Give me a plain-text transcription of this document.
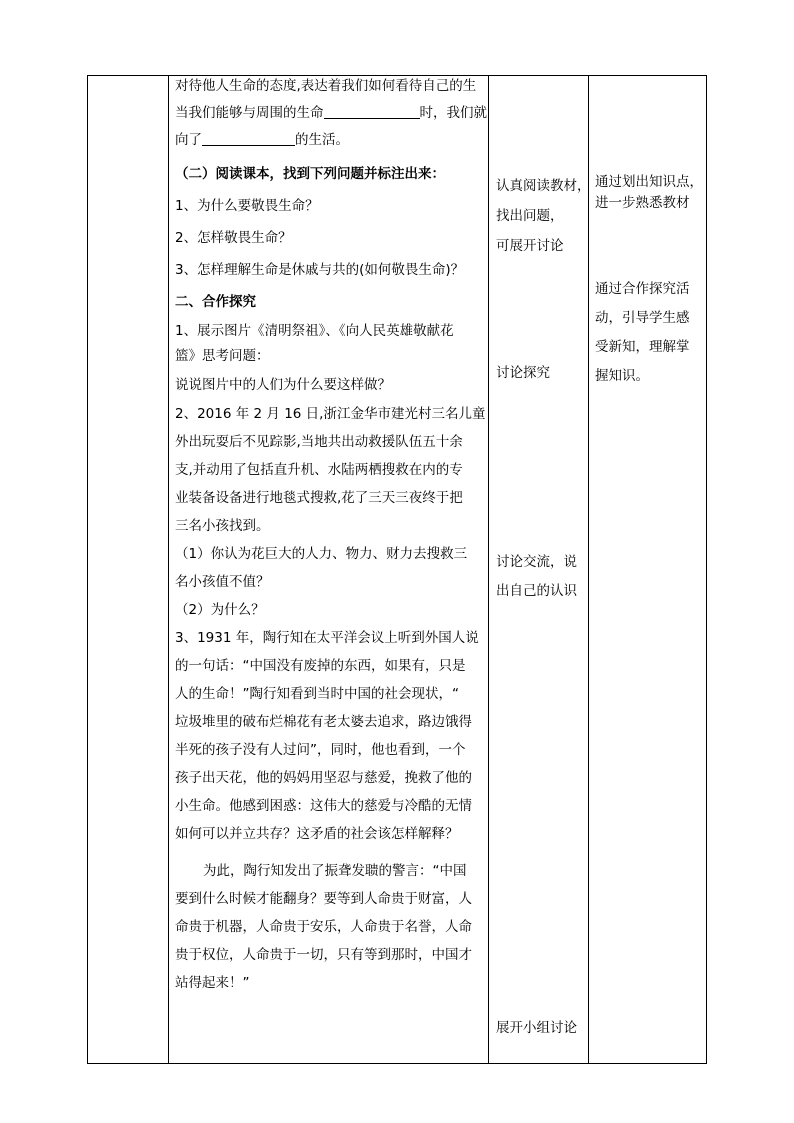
对待他人生命的态度,表达着我们如何看待自己的生
当我们能够与周围的生命	时，我们就
向了	的生活。
（二）阅读课本，找到下列问题并标注出来：
1、为什么要敬畏生命？
2、怎样敬畏生命？
3、怎样理解生命是休戚与共的(如何敬畏生命)？
二、合作探究
1、展示图片《清明祭祖》、《向人民英雄敬献花
篮》思考问题：
说说图片中的人们为什么要这样做？
2、2016 年 2 月 16 日,浙江金华市建光村三名儿童
外出玩耍后不见踪影,当地共出动救援队伍五十余
支,并动用了包括直升机、水陆两栖搜救在内的专
业装备设备进行地毯式搜救,花了三天三夜终于把
三名小孩找到。
（1）你认为花巨大的人力、物力、财力去搜救三
名小孩值不值？
（2）为什么？
3、1931 年，陶行知在太平洋会议上听到外国人说
的一句话：“中国没有废掉的东西，如果有，只是
人的生命！”陶行知看到当时中国的社会现状，“
垃圾堆里的破布烂棉花有老太婆去追求，路边饿得
半死的孩子没有人过问”，同时，他也看到，一个
孩子出天花，他的妈妈用坚忍与慈爱，挽救了他的
小生命。他感到困惑：这伟大的慈爱与冷酷的无情
如何可以并立共存？这矛盾的社会该怎样解释？
为此，陶行知发出了振聋发聩的警言：“中国
要到什么时候才能翻身？要等到人命贵于财富，人
命贵于机器，人命贵于安乐，人命贵于名誉，人命
贵于权位，人命贵于一切，只有等到那时，中国才
站得起来！”
认真阅读教材，
找出问题，
可展开讨论
讨论探究
讨论交流，说
出自己的认识
展开小组讨论
通过划出知识点，
进一步熟悉教材
通过合作探究活
动，引导学生感
受新知，理解掌
握知识。
